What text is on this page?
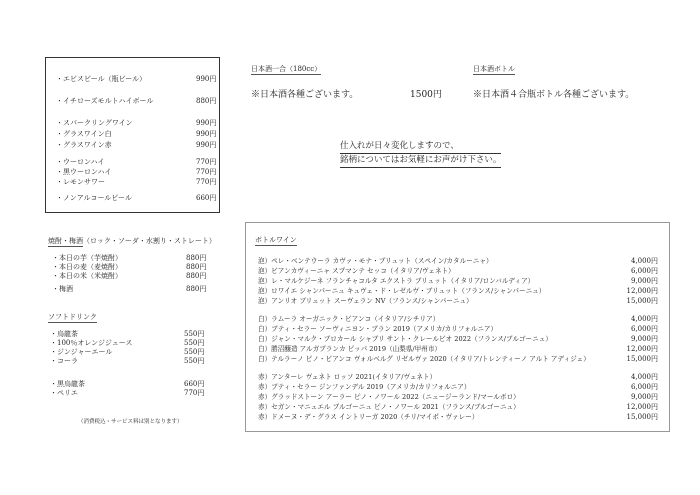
・エビスビール（瓶ビール）	990円
・イチローズモルトハイボール	880円
・スパークリングワイン	990円
・グラスワイン白	990円
・グラスワイン赤	990円
・ウーロンハイ	770円
・黒ウーロンハイ	770円
・レモンサワー	770円
・ノンアルコールビール	660円
日本酒一合（180cc）
※日本酒各種ございます。	1500円
日本酒ボトル
※日本酒４合瓶ボトル各種ございます。
仕入れが日々変化しますので、
銘柄についてはお気軽にお声がけ下さい。
焼酎・梅酒（ロック・ソーダ・水割り・ストレート）
・本日の芋（芋焼酎）	880円
・本日の麦（麦焼酎）	880円
・本日の米（米焼酎）	880円
・梅酒	880円
ソフトドリンク
・烏龍茶	550円
・100％オレンジジュース	550円
・ジンジャーエール	550円
・コーラ	550円
・黒烏龍茶	660円
・ペリエ	770円
（消費税込・サービス料は別となります）
ボトルワイン
泡）ペレ・ベンテウーラ カヴァ・モナ・ブリュット（スペイン/カタルーニャ）	4,000円
泡）ビアンカヴィーニャ スプマンテ セッコ（イタリア/ヴェネト）	6,000円
泡）レ・マルケジーネ フランチャコルタ エクストラ ブリュット（イタリア/ロンバルディア）	9,000円
泡）ロワイエ シャンパーニュ キュヴェ・ド・レゼルヴ・ブリュット（フランス/シャンパーニュ）	12,000円
泡）アンリオ ブリュット スーヴェラン NV（フランス/シャンパーニュ）	15,000円
白）ラムーラ オーガニック・ビアンコ（イタリア/シチリア）	4,000円
白）ブティ・セラー ソーヴィニヨン・ブラン 2019（アメリカ/カリフォルニア）	6,000円
白）ジャン・マルク・ブロカール シャブリ サント・クレールビオ 2022（フランス/ブルゴーニュ）	9,000円
白）勝沼醸造 アルガブランカ ピッパ 2019（山梨県/甲州市）	12,000円
白）テルラーノ ピノ・ビアンコ ヴォルベルグ リゼルヴァ 2020（イタリア/トレンティーノ アルト アディジェ）	15,000円
赤）アンターレ ヴェネト ロッソ 2021(イタリア/ヴェネト）	4,000円
赤）ブティ・セラー ジンファンデル 2019（アメリカ/カリフォルニア）	6,000円
赤）グラッドストーン アーラー ピノ・ノワール 2022（ニュージーランド/マールボロ）	9,000円
赤）セガン・マニュエル ブルゴーニュ ピノ・ノワール 2021（フランス/ブルゴーニュ）	12,000円
赤）ドメーヌ・デ・グラス イントリーガ 2020（チリ/マイポ・ヴァレー）	15,000円
